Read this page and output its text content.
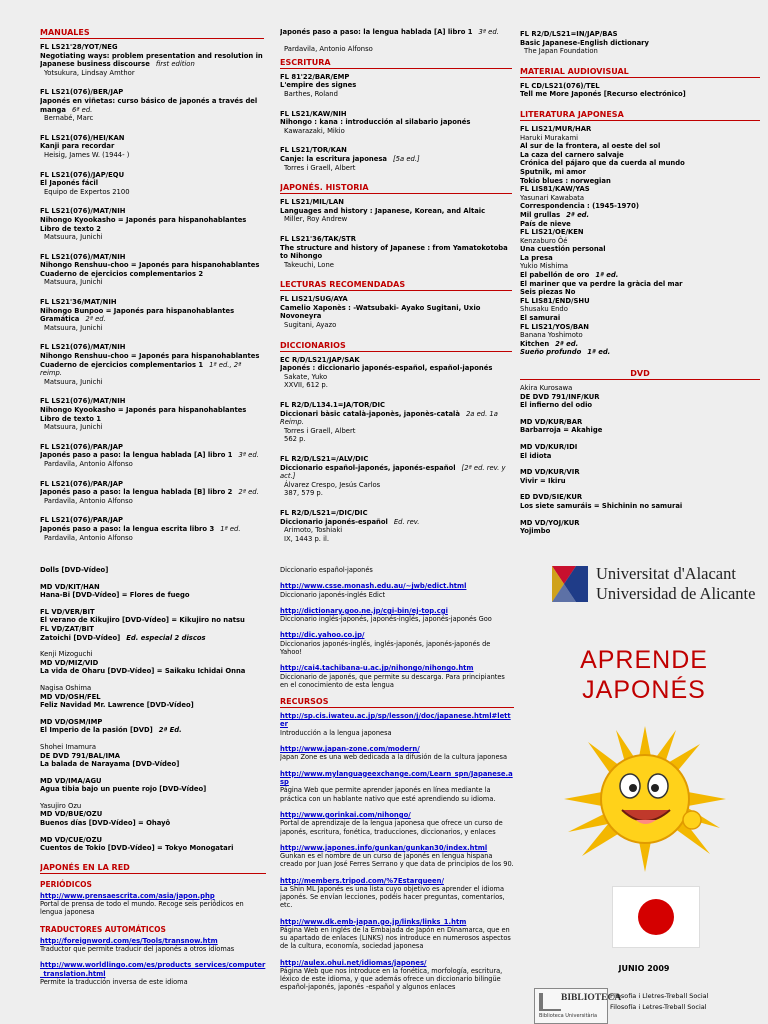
MANUALES
FL LS21'28/YOT/NEG
Negotiating ways: problem presentation and resolution in Japanese business discourse first edition
Yotsukura, Lindsay Amthor
FL LS21(076)/BER/JAP
Japonés en viñetas: curso básico de japonés a través del manga 6ª ed.
Bernabé, Marc
FL LS21(076)/HEI/KAN
Kanji para recordar
Heisig, James W. (1944- )
FL LS21(076)/JAP/EQU
El Japonés fácil
Equipo de Expertos 2100
FL LS21(076)/MAT/NIH
Nihongo Kyookasho = Japonés para hispanohablantes Libro de texto 2
Matsuura, Junichi
FL LS21(076)/MAT/NIH
Nihongo Renshuu-choo = Japonés para hispanohablantes Cuaderno de ejercicios complementarios 2
Matsuura, Junichi
FL LS21'36/MAT/NIH
Nihongo Bunpoo = Japonés para hispanohablantes Gramática 2ª ed.
Matsuura, Junichi
FL LS21(076)/MAT/NIH
Nihongo Renshuu-choo = Japonés para hispanohablantes Cuaderno de ejercicios complementarios 1 1ª ed., 2ª reimp.
Matsuura, Junichi
FL LS21(076)/MAT/NIH
Nihongo Kyookasho = Japonés para hispanohablantes Libro de texto 1
Matsuura, Junichi
FL LS21(076)/PAR/JAP
Japonés paso a paso: la lengua hablada [A] libro 1 3ª ed.
Pardavila, Antonio Alfonso
FL LS21(076)/PAR/JAP
Japonés paso a paso: la lengua hablada [B] libro 2 2ª ed.
Pardavila, Antonio Alfonso
FL LS21(076)/PAR/JAP
Japonés paso a paso: la lengua escrita libro 3 1ª ed.
Pardavila, Antonio Alfonso
Japonés paso a paso: la lengua hablada [A] libro 1 3ª ed.

Pardavila, Antonio Alfonso
ESCRITURA
FL 81'22/BAR/EMP
L'empire des signes
Barthes, Roland
FL LS21/KAW/NIH
Nihongo : kana : introducción al silabario japonés
Kawarazaki, Mikio
FL LS21/TOR/KAN
Canje: la escritura japonesa [5a ed.]
Torres i Graell, Albert
JAPONÉS. HISTORIA
FL LS21/MIL/LAN
Languages and history : Japanese, Korean, and Altaic
Miller, Roy Andrew
FL LS21'36/TAK/STR
The structure and history of Japanese : from Yamatokotoba to Nihongo
Takeuchi, Lone
LECTURAS RECOMENDADAS
FL LIS21/SUG/AYA
Camelio Xaponès : -Watsubaki- Ayako Sugitani, Uxio Novoneyra
Sugitani, Ayazo
DICCIONARIOS
EC R/D/LS21/JAP/SAK
Japonés : diccionario japonés-español, español-japonés
Sakate, Yuko
XXVII, 612 p.
FL R2/D/L134.1=JA/TOR/DIC
Diccionari bàsic català-japonès, japonès-català 2a ed. 1a Reimp.
Torres i Graell, Albert
562 p.
FL R2/D/LS21=/ALV/DIC
Diccionario español-japonés, japonés-español [2ª ed. rev. y act.]
Álvarez Crespo, Jesús Carlos
387, 579 p.
FL R2/D/LS21=/DIC/DIC
Diccionario japonés-español Ed. rev.
Arimoto, Toshiaki
IX, 1443 p. il.
FL R2/D/LS21=IN/JAP/BAS
Basic Japanese-English dictionary
The Japan Foundation
MATERIAL AUDIOVISUAL
FL CD/LS21(076)/TEL
Tell me More Japonés [Recurso electrónico]
LITERATURA JAPONESA
FL LIS21/MUR/HAR
Haruki Murakami
Al sur de la frontera, al oeste del sol
La caza del carnero salvaje
Crónica del pájaro que da cuerda al mundo
Sputnik, mi amor
Tokio blues : norwegian
FL LIS81/KAW/YAS
Yasunari Kawabata
Correspondencia : (1945-1970)
Mil grullas 2ª ed.
País de nieve
FL LIS21/OE/KEN
Kenzaburo Ôé
Una cuestión personal
La presa
Yukio Mishima
El pabellón de oro 1ª ed.
El mariner que va perdre la gràcia del mar
Seis piezas No
FL LIS81/END/SHU
Shusaku Endo
El samurai
FL LIS21/YOS/BAN
Banana Yoshimoto
Kitchen 2ª ed.
Sueño profundo 1ª ed.
DVD
Akira Kurosawa
DE DVD 791/INF/KUR
El infierno del odio
MD VD/KUR/BAR
Barbarroja = Akahige
MD VD/KUR/IDI
El idiota
MD VD/KUR/VIR
Vivir = Ikiru
ED DVD/SIE/KUR
Los siete samuráis = Shichinin no samurai
MD VD/YOJ/KUR
Yojimbo
Dolls [DVD-Vídeo]
MD VD/KIT/HAN
Hana-Bi [DVD-Vídeo] = Flores de fuego
FL VD/VER/BIT
El verano de Kikujiro [DVD-Vídeo] = Kikujiro no natsu
FL VD/ZAT/BIT
Zatoichi [DVD-Vídeo] Ed. especial 2 discos
Kenji Mizoguchi
MD VD/MIZ/VID
La vida de Oharu [DVD-Vídeo] = Saikaku Ichidai Onna
Nagisa Oshima
MD VD/OSH/FEL
Feliz Navidad Mr. Lawrence [DVD-Vídeo]
MD VD/OSM/IMP
El Imperio de la pasión [DVD] 2ª Ed.
Shohei Imamura
DE DVD 791/BAL/IMA
La balada de Narayama [DVD-Vídeo]
MD VD/IMA/AGU
Agua tibia bajo un puente rojo [DVD-Vídeo]
Yasujiro Ozu
MD VD/BUE/OZU
Buenos días [DVD-Vídeo] = Ohayô
MD VD/CUE/OZU
Cuentos de Tokio [DVD-Vídeo] = Tokyo Monogatari
JAPONÉS EN LA RED
PERIÓDICOS
http://www.prensaescrita.com/asia/japon.php
Portal de prensa de todo el mundo. Recoge seis periódicos en lengua japonesa
TRADUCTORES AUTOMÁTICOS
http://foreignword.com/es/Tools/transnow.htm
Traductor que permite traducir del japonés a otros idiomas
http://www.worldlingo.com/es/products_services/computer_translation.html
Permite la traducción inversa de este idioma
Diccionario español-japonés
http://www.csse.monash.edu.au/~jwb/edict.html
Diccionario japonés-inglés Edict
http://dictionary.goo.ne.jp/cgi-bin/ej-top.cgi
Diccionario inglés-japonés, japonés-inglés, japonés-japonés Goo
http://dic.yahoo.co.jp/
Diccionarios japonés-inglés, inglés-japonés, japonés-japonés de Yahoo!
http://cai4.tachibana-u.ac.jp/nihongo/nihongo.htm
Diccionario de japonés, que permite su descarga. Para principiantes en el conocimiento de esta lengua
RECURSOS
http://sp.cis.iwateu.ac.jp/sp/lesson/j/doc/japanese.html#letter
Introducción a la lengua japonesa
http://www.japan-zone.com/modern/
Japan Zone es una web dedicada a la difusión de la cultura japonesa
http://www.mylanguageexchange.com/Learn_spn/Japanese.asp
Página Web que permite aprender japonés en línea mediante la práctica con un hablante nativo que esté aprendiendo su idioma.
http://www.gorinkai.com/nihongo/
Portal de aprendizaje de la lengua japonesa que ofrece un curso de japonés, escritura, fonética, traducciones, diccionarios, y enlaces
http://www.japones.info/gunkan/gunkan30/index.html
Gunkan es el nombre de un curso de japonés en lengua hispana creado por Juan José Ferres Serrano y que data de principios de los 90.
http://members.tripod.com/%7Estarqueen/
La Shin ML Japonés es una lista cuyo objetivo es aprender el idioma japonés. Se envían lecciones, podéis hacer preguntas, comentarios, etc.
http://www.dk.emb-japan.go.jp/links/links_1.htm
Página Web en inglés de la Embajada de Japón en Dinamarca, que en su apartado de enlaces (LINKS) nos introduce en numerosos aspectos de la cultura, economía, sociedad japonesa
http://aulex.ohui.net/idiomas/japones/
Página Web que nos introduce en la fonética, morfología, escritura, léxico de este idioma, y que además ofrece un diccionario bilingüe español-japonés, japonés -español y algunos enlaces
Universitat d'Alacant
Universidad de Alicante
APRENDE
JAPONÉS
JUNIO 2009
BIBLIOTECA
Biblioteca Universitària
Filosofia i Lletres-Treball Social
Filosofía i Letres-Treball Social
